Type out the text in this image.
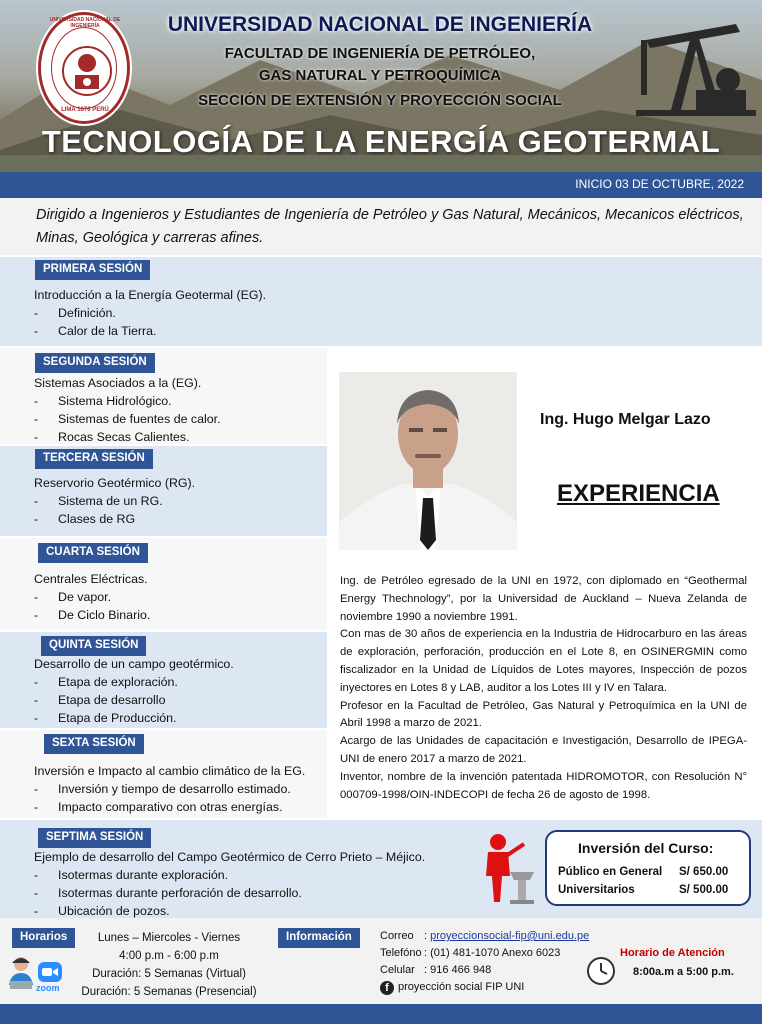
UNIVERSIDAD NACIONAL DE INGENIERÍA
LIMA 1876 PERÚ
UNIVERSIDAD NACIONAL DE INGENIERÍA
FACULTAD DE INGENIERÍA DE PETRÓLEO,
GAS NATURAL Y PETROQUÍMICA
SECCIÓN DE EXTENSIÓN Y PROYECCIÓN SOCIAL
TECNOLOGÍA DE LA ENERGÍA GEOTERMAL
INICIO 03 DE OCTUBRE, 2022
Dirigido a Ingenieros y Estudiantes de Ingeniería de Petróleo y Gas Natural, Mecánicos, Mecanicos eléctricos, Minas, Geológica y carreras afines.
PRIMERA SESIÓN
Introducción a la Energía Geotermal (EG).
- Definición.
- Calor de la Tierra.
SEGUNDA SESIÓN
Sistemas Asociados a la (EG).
- Sistema Hidrológico.
- Sistemas de fuentes de calor.
- Rocas Secas Calientes.
TERCERA SESIÓN
Reservorio Geotérmico (RG).
- Sistema de un RG.
- Clases de RG
CUARTA SESIÓN
Centrales Eléctricas.
- De vapor.
- De Ciclo Binario.
QUINTA SESIÓN
Desarrollo de un campo geotérmico.
- Etapa de exploración.
- Etapa de desarrollo
- Etapa de Producción.
SEXTA SESIÓN
Inversión e Impacto al cambio climático de la EG.
- Inversión y tiempo de desarrollo estimado.
- Impacto comparativo con otras energías.
SEPTIMA SESIÓN
Ejemplo de desarrollo del Campo Geotérmico de Cerro Prieto – Méjico.
- Isotermas durante exploración.
- Isotermas durante perforación de desarrollo.
- Ubicación de pozos.
Ing. Hugo Melgar Lazo
EXPERIENCIA
Ing. de Petróleo egresado de la UNI en 1972, con diplomado en “Geothermal Energy Thechnology”, por la Universidad de Auckland – Nueva Zelanda de noviembre 1990 a noviembre 1991.
Con mas de 30 años de experiencia en la Industria de Hidrocarburo en las áreas de exploración, perforación, producción en el Lote 8, en OSINERGMIN como fiscalizador en la Unidad de Líquidos de Lotes mayores, Inspección de pozos inyectores en Lotes 8 y LAB, auditor a los Lotes III y IV en Talara.
Profesor en la Facultad de Petróleo, Gas Natural y Petroquímica en la UNI de Abril 1998 a marzo de 2021.
Acargo de las Unidades de capacitación e Investigación, Desarrollo de IPEGA-UNI de enero 2017 a marzo de 2021.
Inventor, nombre de la invención patentada HIDROMOTOR, con Resolución N° 000709-1998/OIN-INDECOPI de fecha 26 de agosto de 1998.
Inversión del Curso:
Público en General S/ 650.00
Universitarios	S/ 500.00
Horarios
zoom
Lunes – Miercoles - Viernes
4:00 p.m - 6:00 p.m
Duración: 5 Semanas (Virtual)
Duración: 5 Semanas (Presencial)
Información	Correo : proyeccionsocial-fip@uni.edu.pe
Telefóno : (01) 481-1070 Anexo 6023
Celular : 916 466 948
f proyección social FIP UNI
Horario de Atención
8:00a.m a 5:00 p.m.
